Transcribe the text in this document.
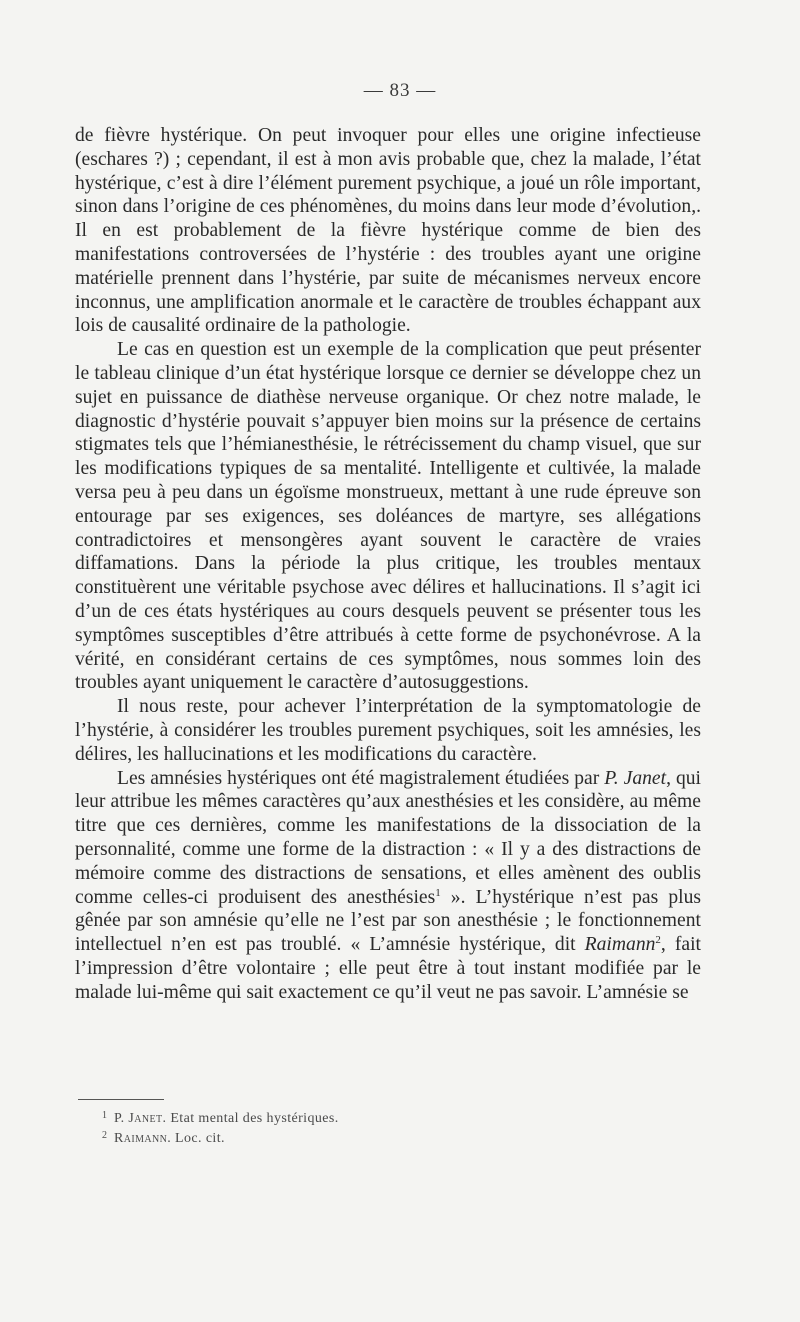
— 83 —

de fièvre hystérique. On peut invoquer pour elles une origine infectieuse (eschares ?) ; cependant, il est à mon avis probable que, chez la malade, l’état hystérique, c’est à dire l’élément purement psychique, a joué un rôle important, sinon dans l’origine de ces phénomènes, du moins dans leur mode d’évolution,. Il en est probablement de la fièvre hystérique comme de bien des manifestations controversées de l’hystérie : des troubles ayant une origine matérielle prennent dans l’hystérie, par suite de mécanismes nerveux encore inconnus, une amplification anormale et le caractère de troubles échappant aux lois de causalité ordinaire de la pathologie.

Le cas en question est un exemple de la complication que peut présenter le tableau clinique d’un état hystérique lorsque ce dernier se développe chez un sujet en puissance de diathèse nerveuse organique. Or chez notre malade, le diagnostic d’hystérie pouvait s’appuyer bien moins sur la présence de certains stigmates tels que l’hémianesthésie, le rétrécissement du champ visuel, que sur les modifications typiques de sa mentalité. Intelligente et cultivée, la malade versa peu à peu dans un égoïsme monstrueux, mettant à une rude épreuve son entourage par ses exigences, ses doléances de martyre, ses allégations contradictoires et mensongères ayant souvent le caractère de vraies diffamations. Dans la période la plus critique, les troubles mentaux constituèrent une véritable psychose avec délires et hallucinations. Il s’agit ici d’un de ces états hystériques au cours desquels peuvent se présenter tous les symptômes susceptibles d’être attribués à cette forme de psychonévrose. A la vérité, en considérant certains de ces symptômes, nous sommes loin des troubles ayant uniquement le caractère d’autosuggestions.

Il nous reste, pour achever l’interprétation de la symptomatologie de l’hystérie, à considérer les troubles purement psychiques, soit les amnésies, les délires, les hallucinations et les modifications du caractère.

Les amnésies hystériques ont été magistralement étudiées par P. Janet, qui leur attribue les mêmes caractères qu’aux anesthésies et les considère, au même titre que ces dernières, comme les manifestations de la dissociation de la personnalité, comme une forme de la distraction : « Il y a des distractions de mémoire comme des distractions de sensations, et elles amènent des oublis comme celles-ci produisent des anesthésies$^1$ ». L’hystérique n’est pas plus gênée par son amnésie qu’elle ne l’est par son anesthésie ; le fonctionnement intellectuel n’en est pas troublé. « L’amnésie hystérique, dit Raimann$^2$, fait l’impression d’être volontaire ; elle peut être à tout instant modifiée par le malade lui-même qui sait exactement ce qu’il veut ne pas savoir. L’amnésie se

1 P. Janet. Etat mental des hystériques.
2 Raimann. Loc. cit.
